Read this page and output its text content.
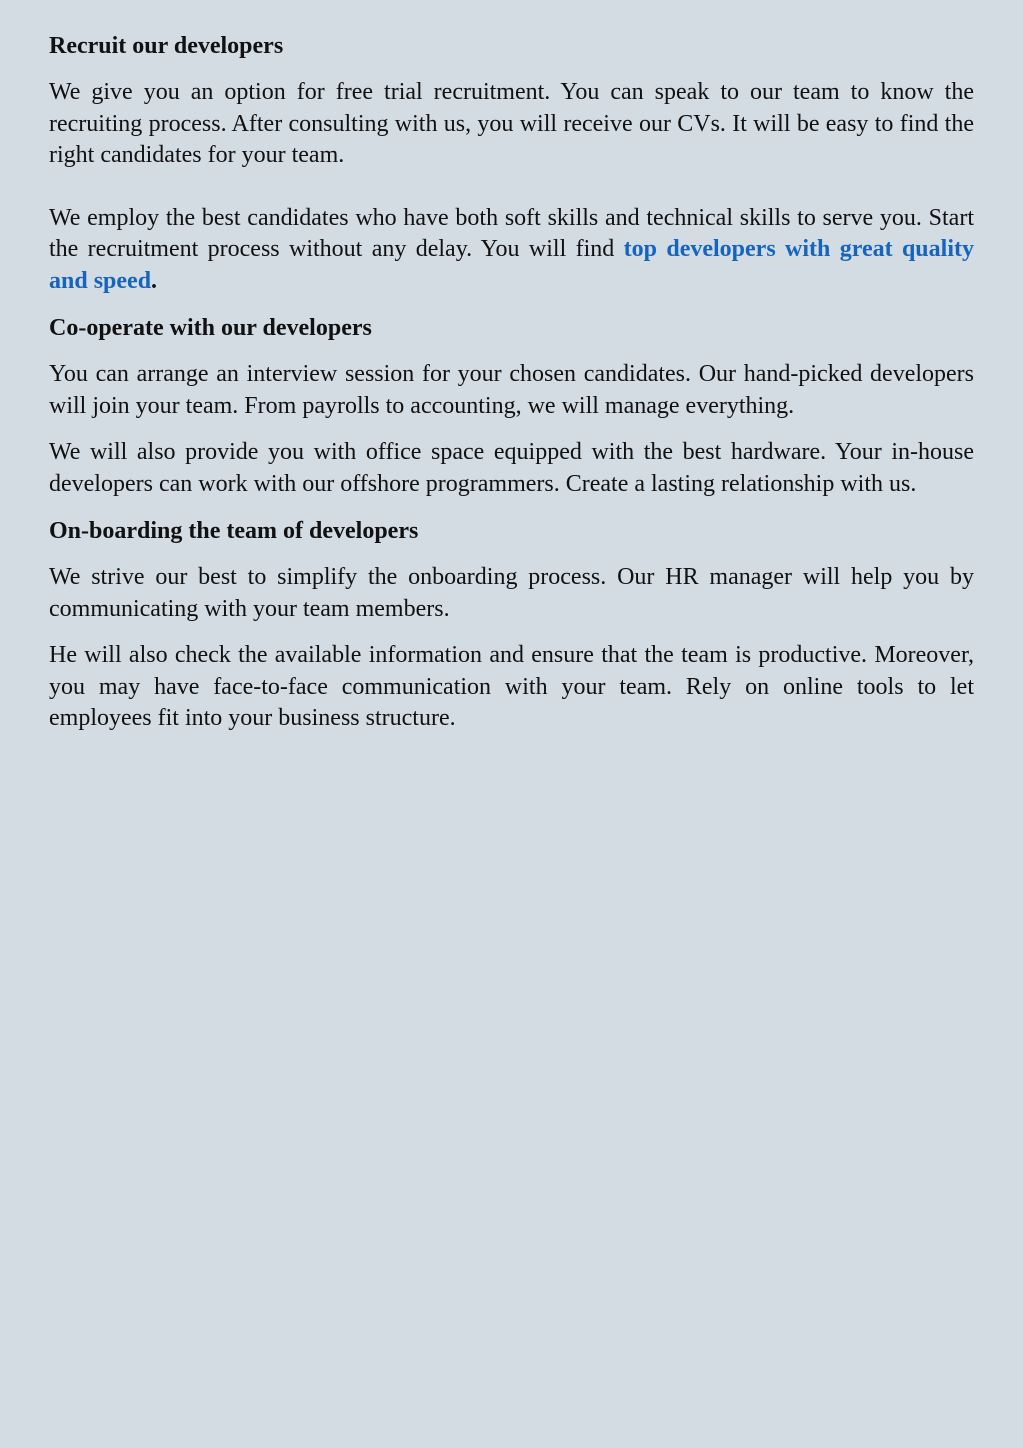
Recruit our developers

We give you an option for free trial recruitment. You can speak to our team to know the recruiting process. After consulting with us, you will receive our CVs. It will be easy to find the right candidates for your team.

We employ the best candidates who have both soft skills and technical skills to serve you. Start the recruitment process without any delay. You will find top developers with great quality and speed.

Co-operate with our developers

You can arrange an interview session for your chosen candidates. Our hand-picked developers will join your team. From payrolls to accounting, we will manage everything.

We will also provide you with office space equipped with the best hardware. Your in-house developers can work with our offshore programmers. Create a lasting relationship with us.

On-boarding the team of developers

We strive our best to simplify the onboarding process. Our HR manager will help you by communicating with your team members.

He will also check the available information and ensure that the team is productive. Moreover, you may have face-to-face communication with your team. Rely on online tools to let employees fit into your business structure.
